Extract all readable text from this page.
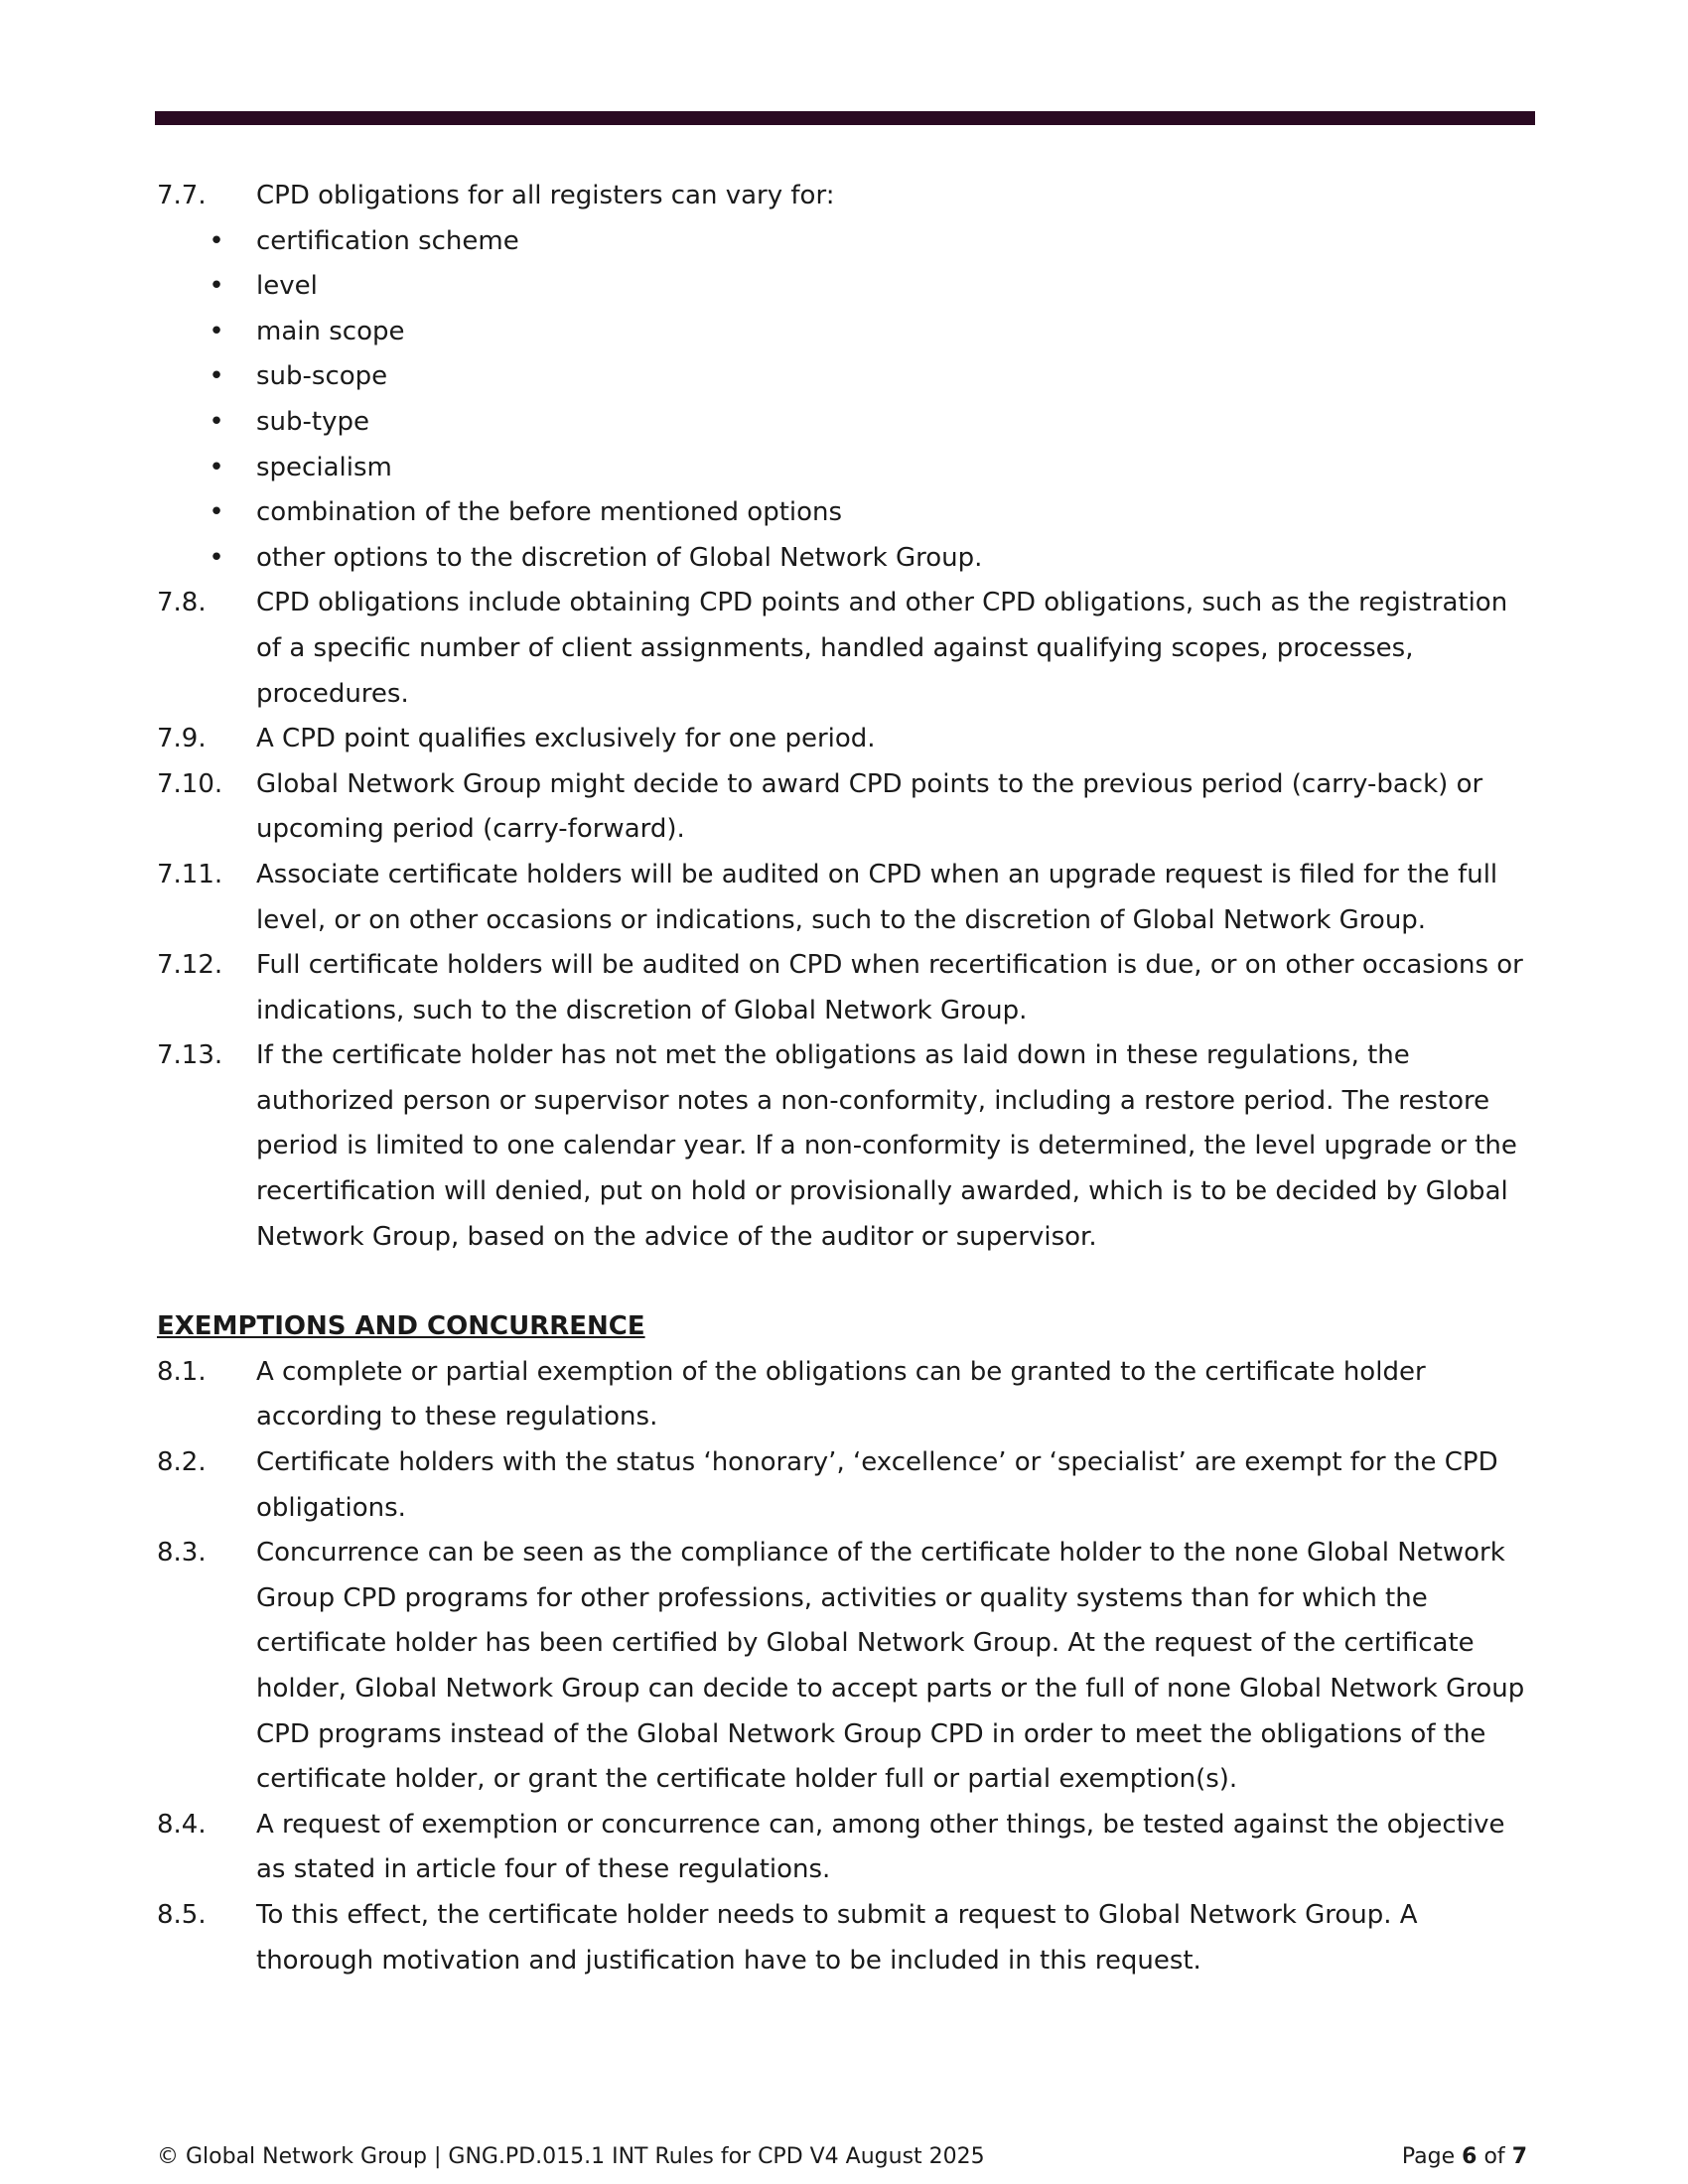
7.7.	CPD obligations for all registers can vary for:
•	certification scheme
•	level
•	main scope
•	sub-scope
•	sub-type
•	specialism
•	combination of the before mentioned options
•	other options to the discretion of Global Network Group.
7.8.	CPD obligations include obtaining CPD points and other CPD obligations, such as the registration of a specific number of client assignments, handled against qualifying scopes, processes, procedures.
7.9.	A CPD point qualifies exclusively for one period.
7.10.	Global Network Group might decide to award CPD points to the previous period (carry-back) or upcoming period (carry-forward).
7.11.	Associate certificate holders will be audited on CPD when an upgrade request is filed for the full level, or on other occasions or indications, such to the discretion of Global Network Group.
7.12.	Full certificate holders will be audited on CPD when recertification is due, or on other occasions or indications, such to the discretion of Global Network Group.
7.13.	If the certificate holder has not met the obligations as laid down in these regulations, the authorized person or supervisor notes a non-conformity, including a restore period. The restore period is limited to one calendar year. If a non-conformity is determined, the level upgrade or the recertification will denied, put on hold or provisionally awarded, which is to be decided by Global Network Group, based on the advice of the auditor or supervisor.
EXEMPTIONS AND CONCURRENCE
8.1.	A complete or partial exemption of the obligations can be granted to the certificate holder according to these regulations.
8.2.	Certificate holders with the status ‘honorary’, ‘excellence’ or ‘specialist’ are exempt for the CPD obligations.
8.3.	Concurrence can be seen as the compliance of the certificate holder to the none Global Network Group CPD programs for other professions, activities or quality systems than for which the certificate holder has been certified by Global Network Group. At the request of the certificate holder, Global Network Group can decide to accept parts or the full of none Global Network Group CPD programs instead of the Global Network Group CPD in order to meet the obligations of the certificate holder, or grant the certificate holder full or partial exemption(s).
8.4.	A request of exemption or concurrence can, among other things, be tested against the objective as stated in article four of these regulations.
8.5.	To this effect, the certificate holder needs to submit a request to Global Network Group. A thorough motivation and justification have to be included in this request.
© Global Network Group | GNG.PD.015.1 INT Rules for CPD V4 August 2025	Page 6 of 7
